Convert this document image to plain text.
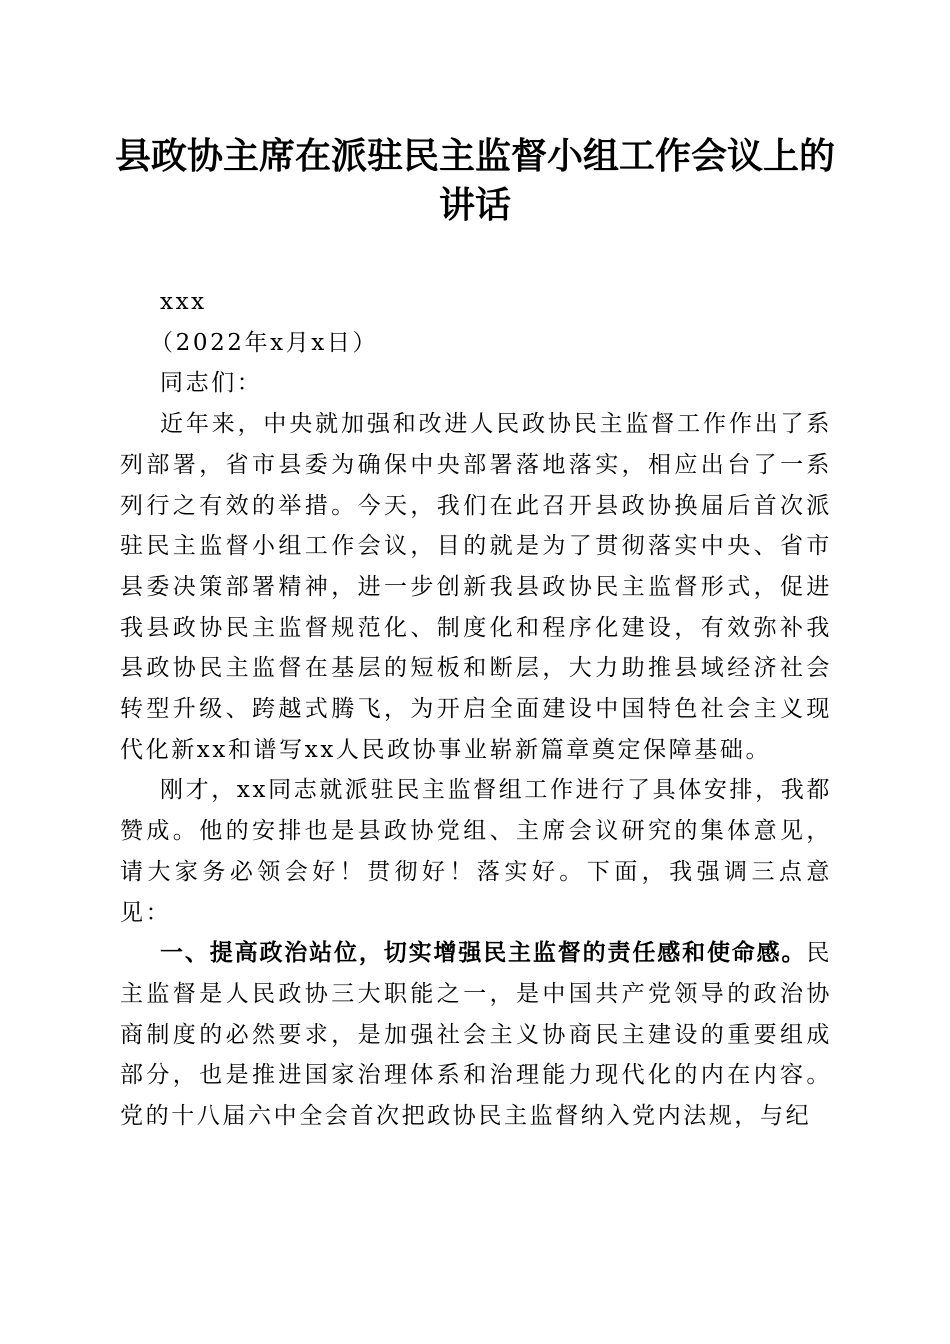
县政协主席在派驻民主监督小组工作会议上的讲话

xxx

（2022年x月x日）

同志们：

近年来，中央就加强和改进人民政协民主监督工作作出了系列部署，省市县委为确保中央部署落地落实，相应出台了一系列行之有效的举措。今天，我们在此召开县政协换届后首次派驻民主监督小组工作会议，目的就是为了贯彻落实中央、省市县委决策部署精神，进一步创新我县政协民主监督形式，促进我县政协民主监督规范化、制度化和程序化建设，有效弥补我县政协民主监督在基层的短板和断层，大力助推县域经济社会转型升级、跨越式腾飞，为开启全面建设中国特色社会主义现代化新xx和谱写xx人民政协事业崭新篇章奠定保障基础。

刚才，xx同志就派驻民主监督组工作进行了具体安排，我都赞成。他的安排也是县政协党组、主席会议研究的集体意见，请大家务必领会好！贯彻好！落实好。下面，我强调三点意见：

一、提高政治站位，切实增强民主监督的责任感和使命感。民主监督是人民政协三大职能之一，是中国共产党领导的政治协商制度的必然要求，是加强社会主义协商民主建设的重要组成部分，也是推进国家治理体系和治理能力现代化的内在内容。党的十八届六中全会首次把政协民主监督纳入党内法规，与纪
